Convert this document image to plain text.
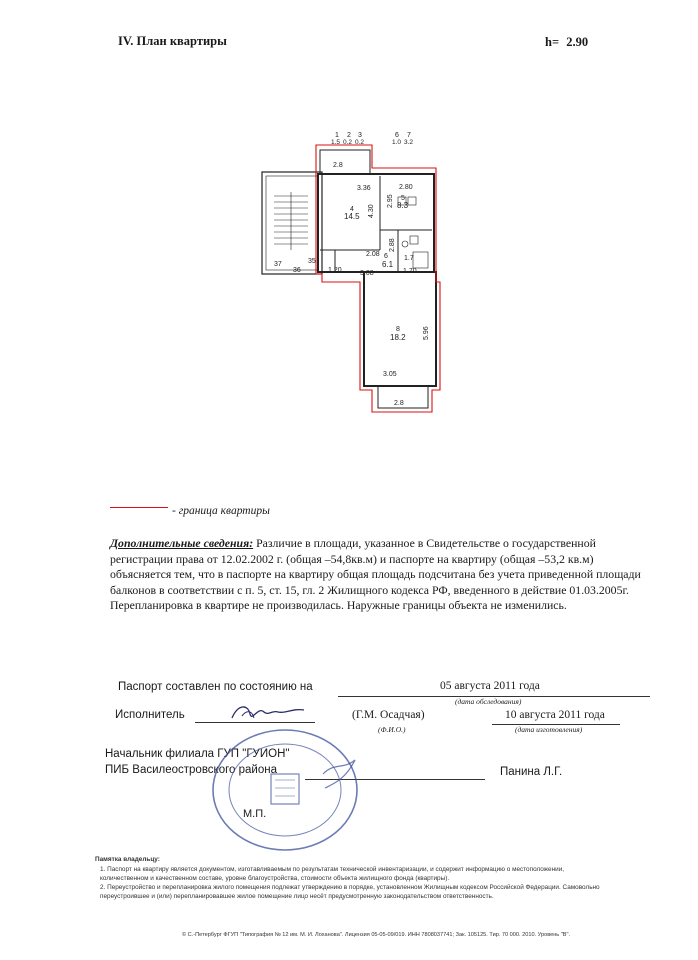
IV. План квартиры	h= 2.90
1 2 3	6 7
1.5 0.2 0.2	1.0 3.2
2.8
3.36	2.80
4.30
2.95
4
14.5
5
8.3
2.08
2.88
6
6.1
1.7
1.70
1.20	3.08
37
36
35
8
18.2 5.96
3.05
2.8
- граница квартиры
Дополнительные сведения: Различие в площади, указанное в Свидетельстве о государственной регистрации права от 12.02.2002 г. (общая –54,8кв.м) и паспорте на квартиру (общая –53,2 кв.м) объясняется тем, что в паспорте на квартиру общая площадь подсчитана без учета приведенной площади балконов в соответствии с п. 5, ст. 15, гл. 2 Жилищного кодекса РФ, введенного в действие 01.03.2005г.
Перепланировка в квартире не производилась. Наружные границы объекта не изменились.
Паспорт составлен по состоянию на	05 августа 2011 года
(дата обследования)
Исполнитель	(Г.М. Осадчая)
(Ф.И.О.)
10 августа 2011 года
(дата изготовления)
Начальник филиала ГУП "ГУИОН"
ПИБ Василеостровского района	Панина Л.Г.
М.П.
Памятка владельцу:
1. Паспорт на квартиру является документом, изготавливаемым по результатам технической инвентаризации, и содержит информацию о местоположении, количественном и качественном составе, уровне благоустройства, стоимости объекта жилищного фонда (квартиры).
2. Переустройство и перепланировка жилого помещения подлежат утверждению в порядке, установленном Жилищным кодексом Российской Федерации. Самовольно переустроившее и (или) перепланировавшее жилое помещение лицо несёт предусмотренную законодательством ответственность.
© С.-Петербург ФГУП "Типография № 12 им. М. И. Лоханова". Лицензия 05-05-09/019. ИНН 7808037741; Зак. 105125. Тир. 70 000. 2010. Уровень "В".
